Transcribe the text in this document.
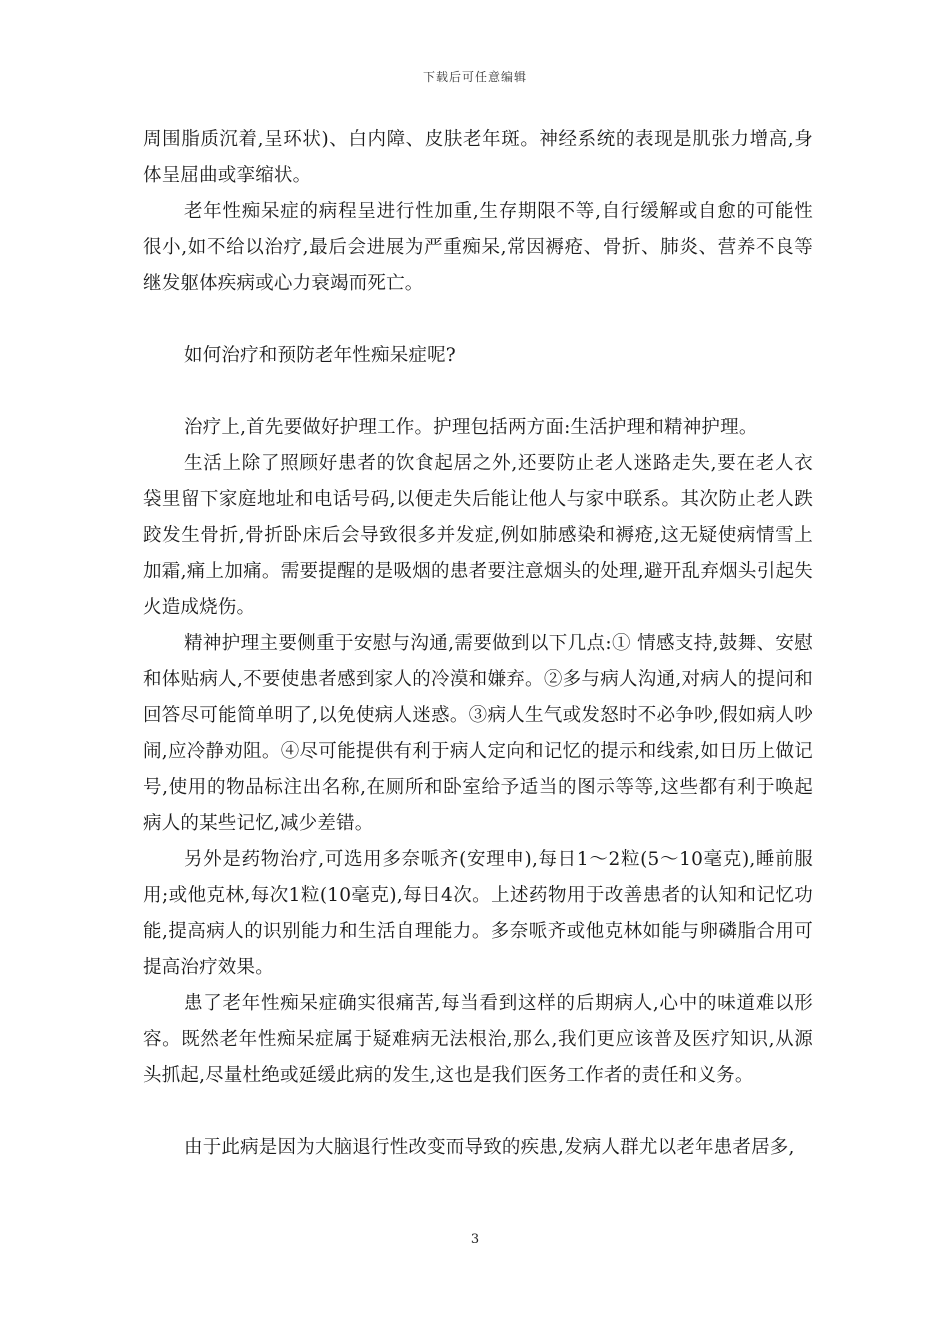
下载后可任意编辑

周围脂质沉着,呈环状)、白内障、皮肤老年斑。神经系统的表现是肌张力增高,身体呈屈曲或挛缩状。

老年性痴呆症的病程呈进行性加重,生存期限不等,自行缓解或自愈的可能性很小,如不给以治疗,最后会进展为严重痴呆,常因褥疮、骨折、肺炎、营养不良等继发躯体疾病或心力衰竭而死亡。

如何治疗和预防老年性痴呆症呢?

治疗上,首先要做好护理工作。护理包括两方面:生活护理和精神护理。

生活上除了照顾好患者的饮食起居之外,还要防止老人迷路走失,要在老人衣袋里留下家庭地址和电话号码,以便走失后能让他人与家中联系。其次防止老人跌跤发生骨折,骨折卧床后会导致很多并发症,例如肺感染和褥疮,这无疑使病情雪上加霜,痛上加痛。需要提醒的是吸烟的患者要注意烟头的处理,避开乱弃烟头引起失火造成烧伤。

精神护理主要侧重于安慰与沟通,需要做到以下几点:① 情感支持,鼓舞、安慰和体贴病人,不要使患者感到家人的冷漠和嫌弃。②多与病人沟通,对病人的提问和回答尽可能简单明了,以免使病人迷惑。③病人生气或发怒时不必争吵,假如病人吵闹,应冷静劝阻。④尽可能提供有利于病人定向和记忆的提示和线索,如日历上做记号,使用的物品标注出名称,在厕所和卧室给予适当的图示等等,这些都有利于唤起病人的某些记忆,减少差错。

另外是药物治疗,可选用多奈哌齐(安理申),每日1～2粒(5～10毫克),睡前服用;或他克林,每次1粒(10毫克),每日4次。上述药物用于改善患者的认知和记忆功能,提高病人的识别能力和生活自理能力。多奈哌齐或他克林如能与卵磷脂合用可提高治疗效果。

患了老年性痴呆症确实很痛苦,每当看到这样的后期病人,心中的味道难以形容。既然老年性痴呆症属于疑难病无法根治,那么,我们更应该普及医疗知识,从源头抓起,尽量杜绝或延缓此病的发生,这也是我们医务工作者的责任和义务。

由于此病是因为大脑退行性改变而导致的疾患,发病人群尤以老年患者居多,

3
